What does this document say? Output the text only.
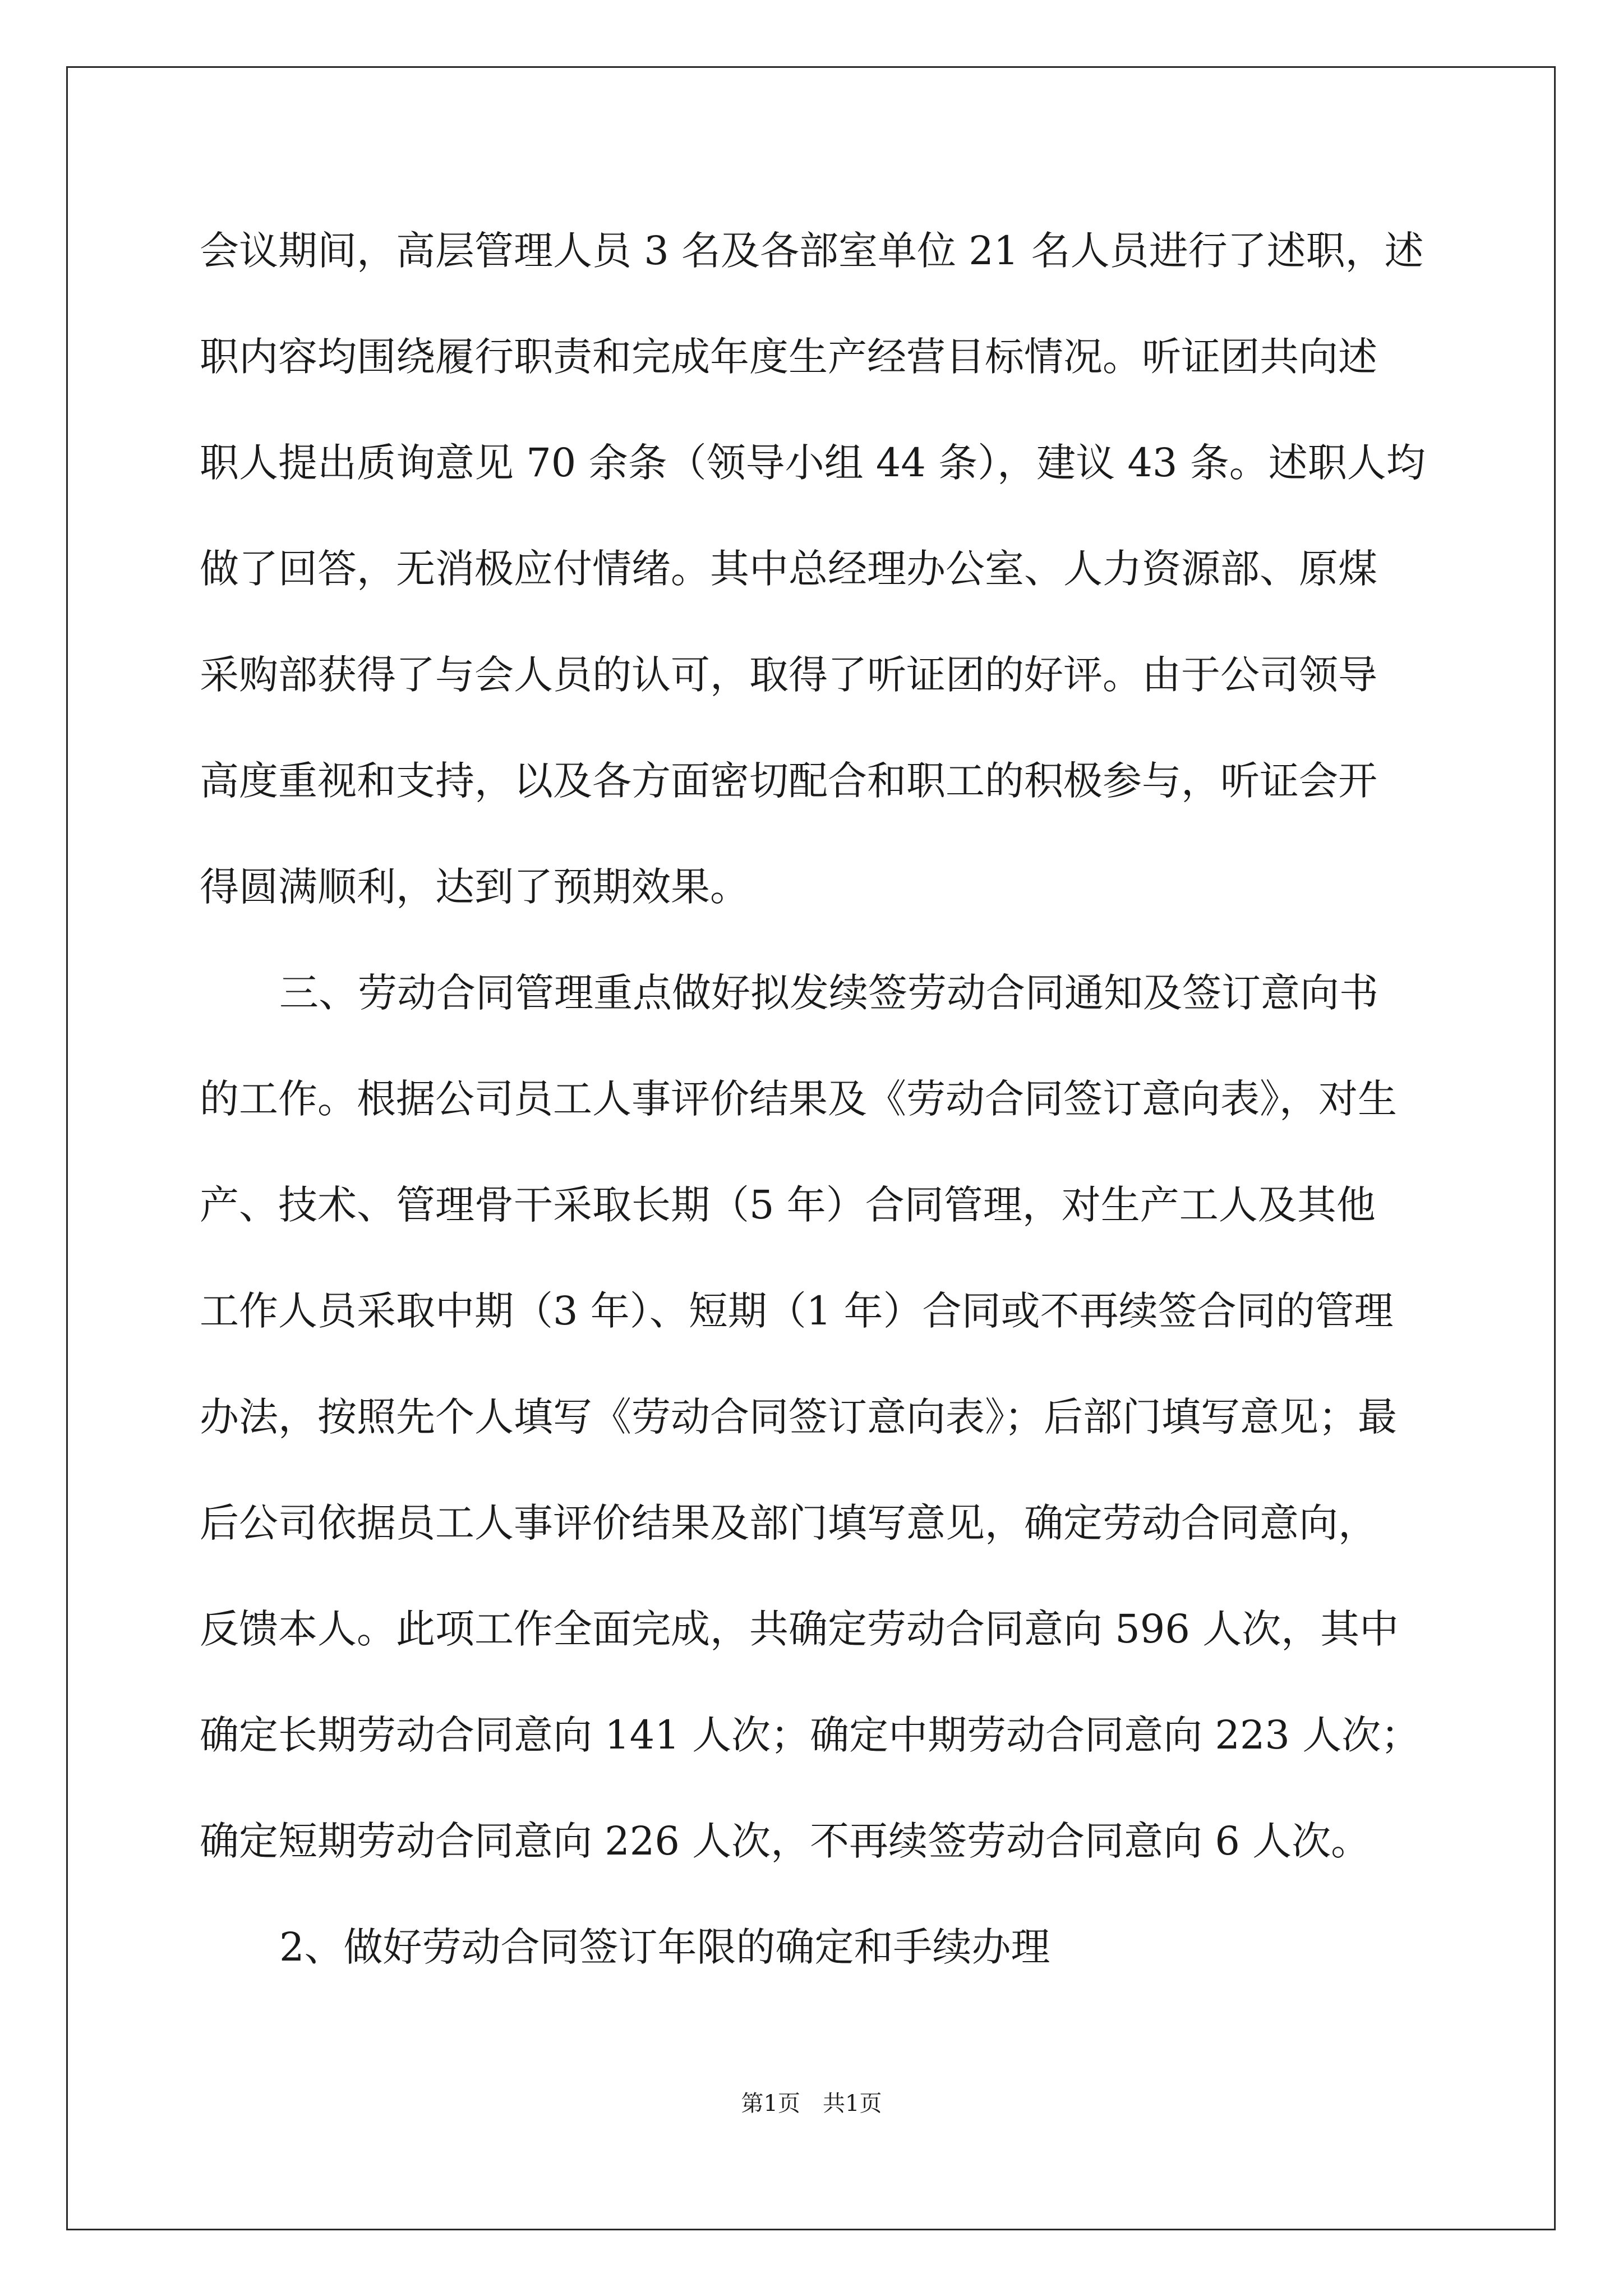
会议期间，高层管理人员 3 名及各部室单位 21 名人员进行了述职，述
职内容均围绕履行职责和完成年度生产经营目标情况。听证团共向述
职人提出质询意见 70 余条（领导小组 44 条），建议 43 条。述职人均
做了回答，无消极应付情绪。其中总经理办公室、人力资源部、原煤
采购部获得了与会人员的认可，取得了听证团的好评。由于公司领导
高度重视和支持，以及各方面密切配合和职工的积极参与，听证会开
得圆满顺利，达到了预期效果。
三、劳动合同管理重点做好拟发续签劳动合同通知及签订意向书
的工作。根据公司员工人事评价结果及《劳动合同签订意向表》，对生
产、技术、管理骨干采取长期（5 年）合同管理，对生产工人及其他
工作人员采取中期（3 年）、短期（1 年）合同或不再续签合同的管理
办法，按照先个人填写《劳动合同签订意向表》；后部门填写意见；最
后公司依据员工人事评价结果及部门填写意见，确定劳动合同意向，
反馈本人。此项工作全面完成，共确定劳动合同意向 596 人次，其中
确定长期劳动合同意向 141 人次；确定中期劳动合同意向 223 人次；
确定短期劳动合同意向 226 人次，不再续签劳动合同意向 6 人次。
2、做好劳动合同签订年限的确定和手续办理
第1页　共1页
